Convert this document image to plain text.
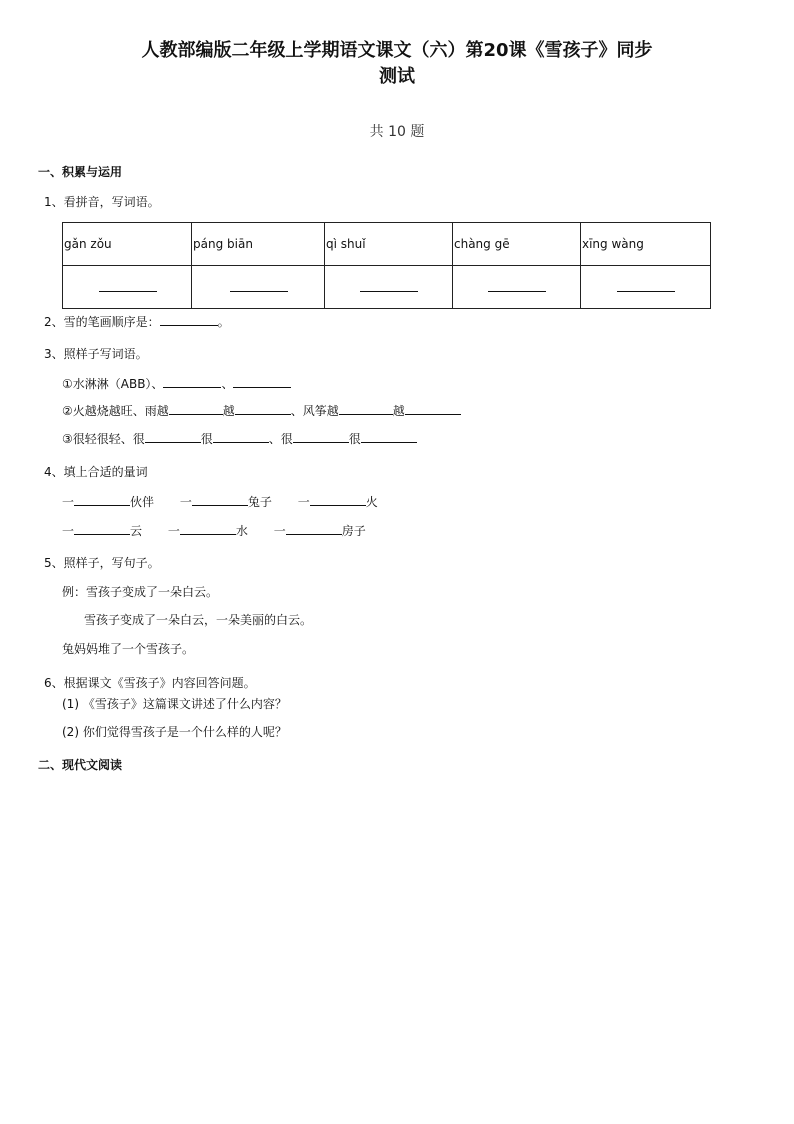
人教部编版二年级上学期语文课文（六）第20课《雪孩子》同步
测试
共 10 题
一、积累与运用
1、看拼音，写词语。
gǎn zǒu	páng biān	qì shuǐ	chàng gē	xīng wàng

2、雪的笔画顺序是：	。
3、照样子写词语。
①水淋淋（ABB）、	、
②火越烧越旺、雨越	越	、风筝越	越
③很轻很轻、很	很	、很	很
4、填上合适的量词
一	伙伴 一	兔子 一	火
一	云 一	水 一	房子
5、照样子，写句子。
例：雪孩子变成了一朵白云。
雪孩子变成了一朵白云，一朵美丽的白云。
兔妈妈堆了一个雪孩子。
6、根据课文《雪孩子》内容回答问题。
(1) 《雪孩子》这篇课文讲述了什么内容？
(2) 你们觉得雪孩子是一个什么样的人呢？
二、现代文阅读
